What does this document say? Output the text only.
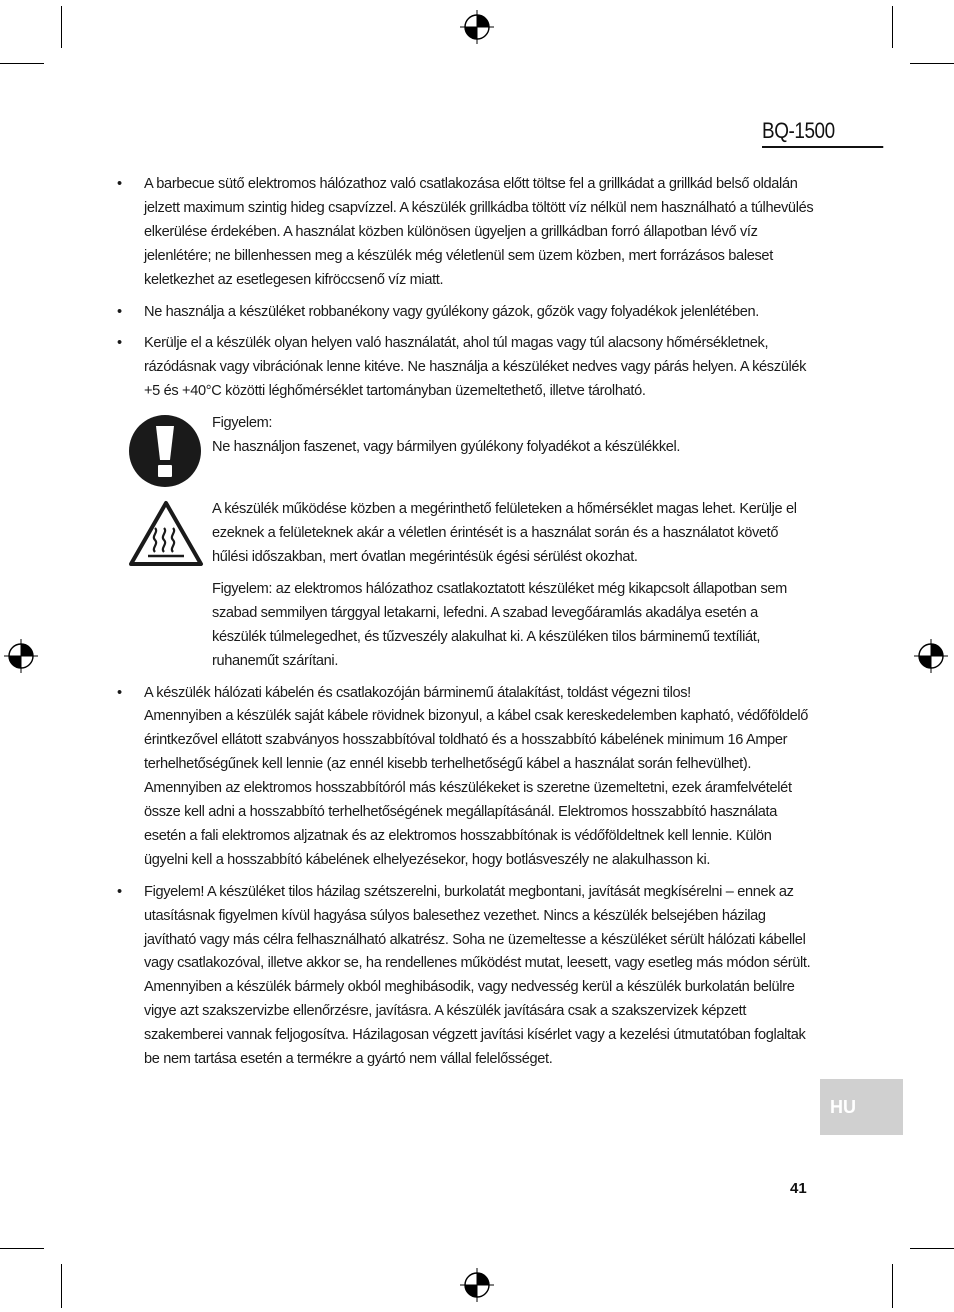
BQ-1500
• A barbecue sütő elektromos hálózathoz való csatlakozása előtt töltse fel a grillkádat a grillkád belső oldalán jelzett maximum szintig hideg csapvízzel. A készülék grillkádba töltött víz nélkül nem használható a túlhevülés elkerülése érdekében. A használat közben különösen ügyeljen a grillkádban forró állapotban lévő víz jelenlétére; ne billenhessen meg a készülék még véletlenül sem üzem közben, mert forrázásos baleset keletkezhet az esetlegesen kifröccsenő víz miatt.
• Ne használja a készüléket robbanékony vagy gyúlékony gázok, gőzök vagy folyadékok jelenlétében.
• Kerülje el a készülék olyan helyen való használatát, ahol túl magas vagy túl alacsony hőmérsékletnek, rázódásnak vagy vibrációnak lenne kitéve. Ne használja a készüléket nedves vagy párás helyen. A készülék +5 és +40°C közötti léghőmérséklet tartományban üzemeltethető, illetve tárolható.
Figyelem:
Ne használjon faszenet, vagy bármilyen gyúlékony folyadékot a készülékkel.
A készülék működése közben a megérinthető felületeken a hőmérséklet magas lehet. Kerülje el ezeknek a felületeknek akár a véletlen érintését is a használat során és a használatot követő hűlési időszakban, mert óvatlan megérintésük égési sérülést okozhat.
Figyelem: az elektromos hálózathoz csatlakoztatott készüléket még kikapcsolt állapotban sem szabad semmilyen tárggyal letakarni, lefedni. A szabad levegőáramlás akadálya esetén a készülék túlmelegedhet, és tűzveszély alakulhat ki. A készüléken tilos bárminemű textíliát, ruhaneműt szárítani.
• A készülék hálózati kábelén és csatlakozóján bárminemű átalakítást, toldást végezni tilos!
Amennyiben a készülék saját kábele rövidnek bizonyul, a kábel csak kereskedelemben kapható, védőföldelő érintkezővel ellátott szabványos hosszabbítóval toldható és a hosszabbító kábelének minimum 16 Amper terhelhetőségűnek kell lennie (az ennél kisebb terhelhetőségű kábel a használat során felhevülhet).
Amennyiben az elektromos hosszabbítóról más készülékeket is szeretne üzemeltetni, ezek áramfelvételét össze kell adni a hosszabbító terhelhetőségének megállapításánál. Elektromos hosszabbító használata esetén a fali elektromos aljzatnak és az elektromos hosszabbítónak is védőföldeltnek kell lennie. Külön ügyelni kell a hosszabbító kábelének elhelyezésekor, hogy botlásveszély ne alakulhasson ki.
• Figyelem! A készüléket tilos házilag szétszerelni, burkolatát megbontani, javítását megkísérelni – ennek az utasításnak figyelmen kívül hagyása súlyos balesethez vezethet. Nincs a készülék belsejében házilag javítható vagy más célra felhasználható alkatrész. Soha ne üzemeltesse a készüléket sérült hálózati kábellel vagy csatlakozóval, illetve akkor se, ha rendellenes működést mutat, leesett, vagy esetleg más módon sérült. Amennyiben a készülék bármely okból meghibásodik, vagy nedvesség kerül a készülék burkolatán belülre vigye azt szakszervizbe ellenőrzésre, javításra. A készülék javítására csak a szakszervizek képzett szakemberei vannak feljogosítva. Házilagosan végzett javítási kísérlet vagy a kezelési útmutatóban foglaltak be nem tartása esetén a termékre a gyártó nem vállal felelősséget.
HU
41
